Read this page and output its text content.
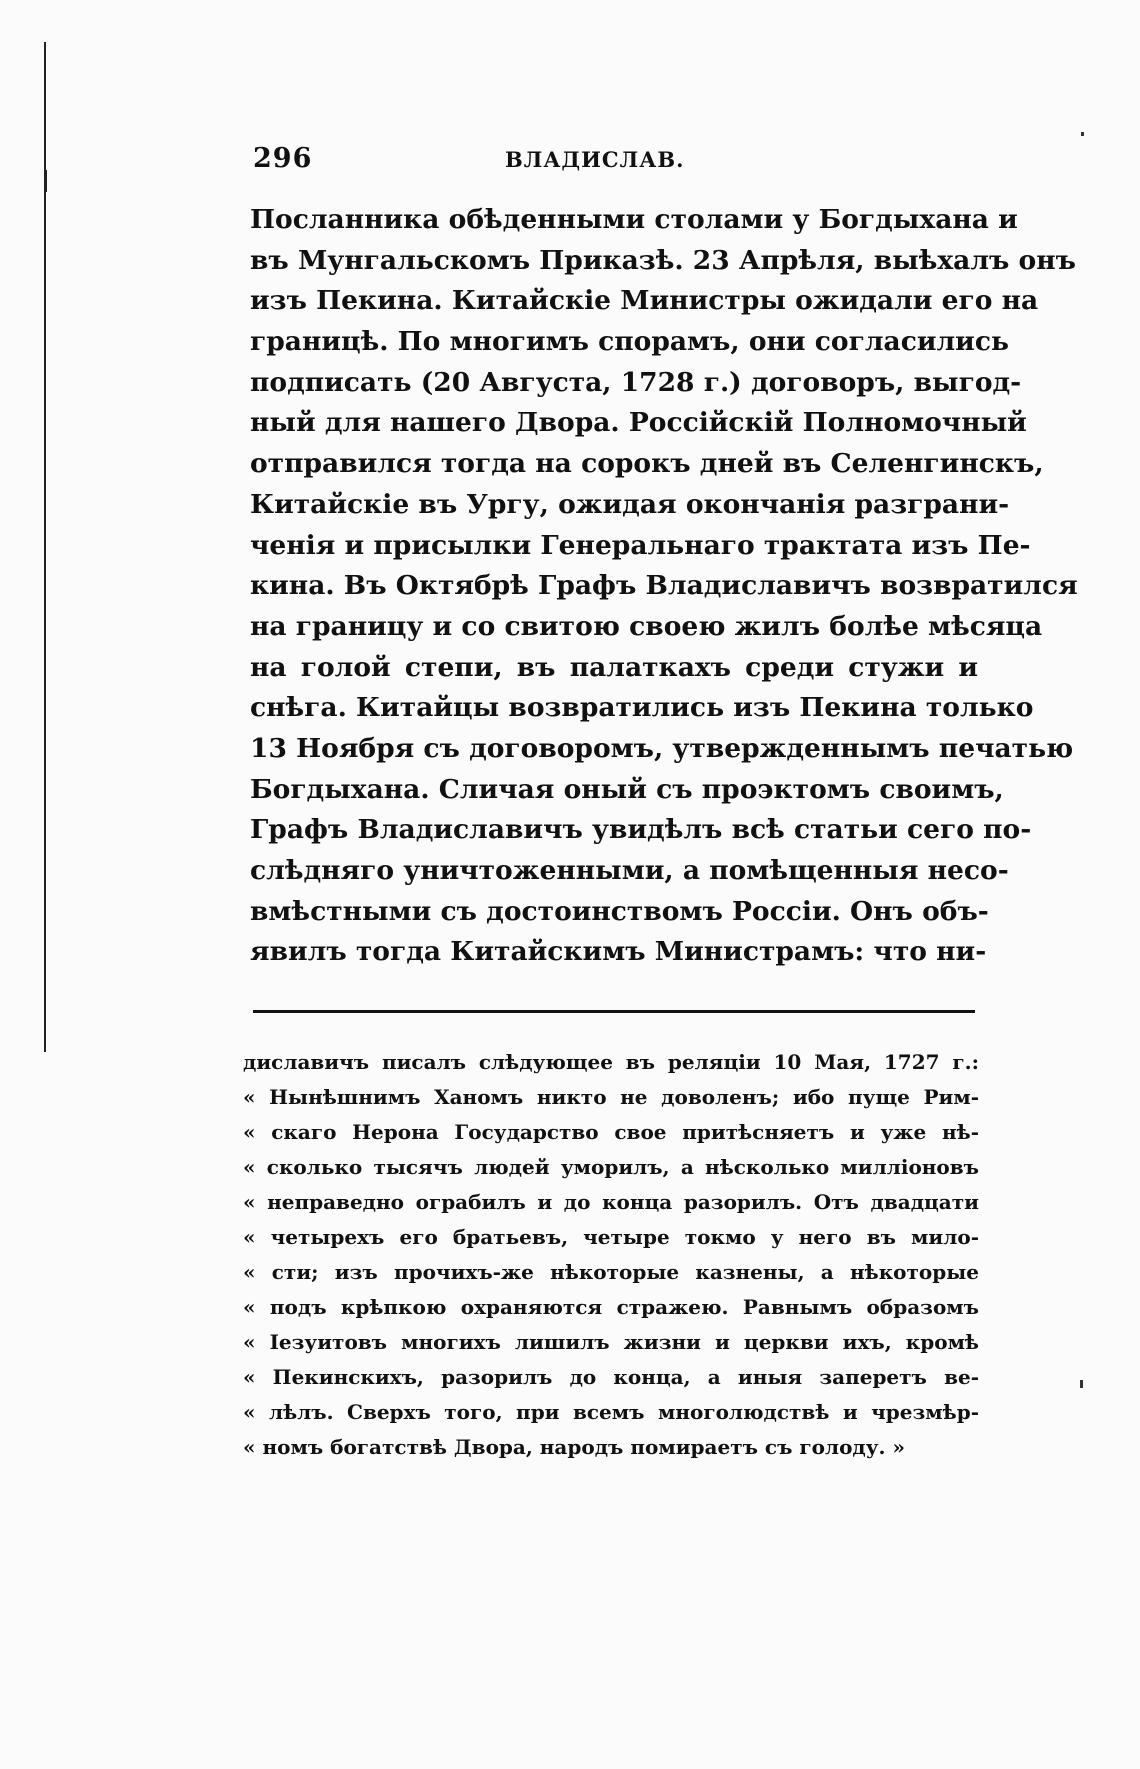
296	ВЛАДИСЛАВ.
Посланника обѣденными столами у Богдыхана и
въ Мунгальскомъ Приказѣ. 23 Апрѣля, выѣхалъ онъ
изъ Пекина. Китайскіе Министры ожидали его на
границѣ. По многимъ спорамъ, они согласились
подписать (20 Августа, 1728 г.) договоръ, выгод-
ный для нашего Двора. Россійскій Полномочный
отправился тогда на сорокъ дней въ Селенгинскъ,
Китайскіе въ Ургу, ожидая окончанія разграни-
ченія и присылки Генеральнаго трактата изъ Пе-
кина. Въ Октябрѣ Графъ Владиславичъ возвратился
на границу и со свитою своею жилъ болѣе мѣсяца
на голой степи, въ палаткахъ среди стужи и
снѣга. Китайцы возвратились изъ Пекина только
13 Ноября съ договоромъ, утвержденнымъ печатью
Богдыхана. Сличая оный съ проэктомъ своимъ,
Графъ Владиславичъ увидѣлъ всѣ статьи сего по-
слѣдняго уничтоженными, а помѣщенныя несо-
вмѣстными съ достоинствомъ Россіи. Онъ объ-
явилъ тогда Китайскимъ Министрамъ: что ни-
диславичъ писалъ слѣдующее въ реляціи 10 Мая, 1727 г.:
« Нынѣшнимъ Ханомъ никто не доволенъ; ибо пуще Рим-
« скаго Нерона Государство свое притѣсняетъ и уже нѣ-
« сколько тысячъ людей уморилъ, а нѣсколько милліоновъ
« неправедно ограбилъ и до конца разорилъ. Отъ двадцати
« четырехъ его братьевъ, четыре токмо у него въ мило-
« сти; изъ прочихъ-же нѣкоторые казнены, а нѣкоторые
« подъ крѣпкою охраняются стражею. Равнымъ образомъ
« Іезуитовъ многихъ лишилъ жизни и церкви ихъ, кромѣ
« Пекинскихъ, разорилъ до конца, а иныя заперетъ ве-
« лѣлъ. Сверхъ того, при всемъ многолюдствѣ и чрезмѣр-
« номъ богатствѣ Двора, народъ помираетъ съ голоду. »
